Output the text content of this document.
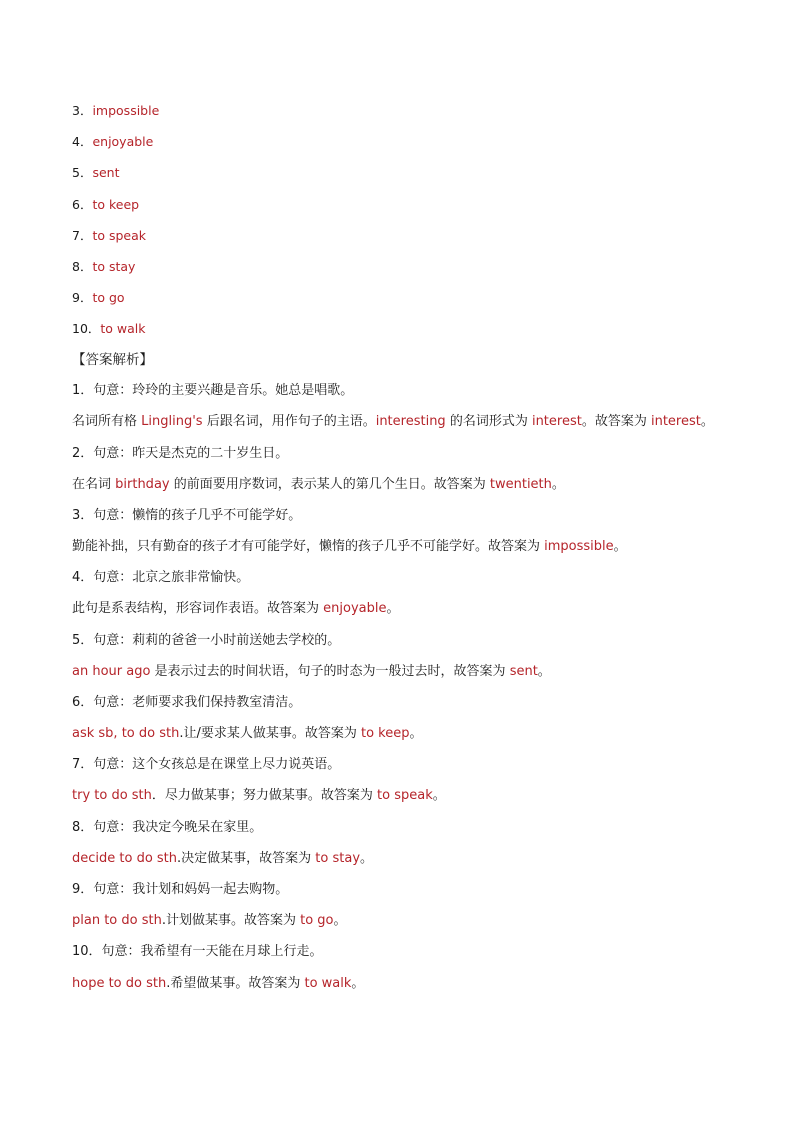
3．impossible
4．enjoyable
5．sent
6．to keep
7．to speak
8．to stay
9．to go
10．to walk
【答案解析】
1．句意：玲玲的主要兴趣是音乐。她总是唱歌。
名词所有格 Lingling's 后跟名词，用作句子的主语。interesting 的名词形式为 interest。故答案为 interest。
2．句意：昨天是杰克的二十岁生日。
在名词 birthday 的前面要用序数词，表示某人的第几个生日。故答案为 twentieth。
3．句意：懒惰的孩子几乎不可能学好。
勤能补拙，只有勤奋的孩子才有可能学好，懒惰的孩子几乎不可能学好。故答案为 impossible。
4．句意：北京之旅非常愉快。
此句是系表结构，形容词作表语。故答案为 enjoyable。
5．句意：莉莉的爸爸一小时前送她去学校的。
an hour ago 是表示过去的时间状语，句子的时态为一般过去时，故答案为 sent。
6．句意：老师要求我们保持教室清洁。
ask sb, to do sth.让/要求某人做某事。故答案为 to keep。
7．句意：这个女孩总是在课堂上尽力说英语。
try to do sth．尽力做某事；努力做某事。故答案为 to speak。
8．句意：我决定今晚呆在家里。
decide to do sth.决定做某事，故答案为 to stay。
9．句意：我计划和妈妈一起去购物。
plan to do sth.计划做某事。故答案为 to go。
10．句意：我希望有一天能在月球上行走。
hope to do sth.希望做某事。故答案为 to walk。
